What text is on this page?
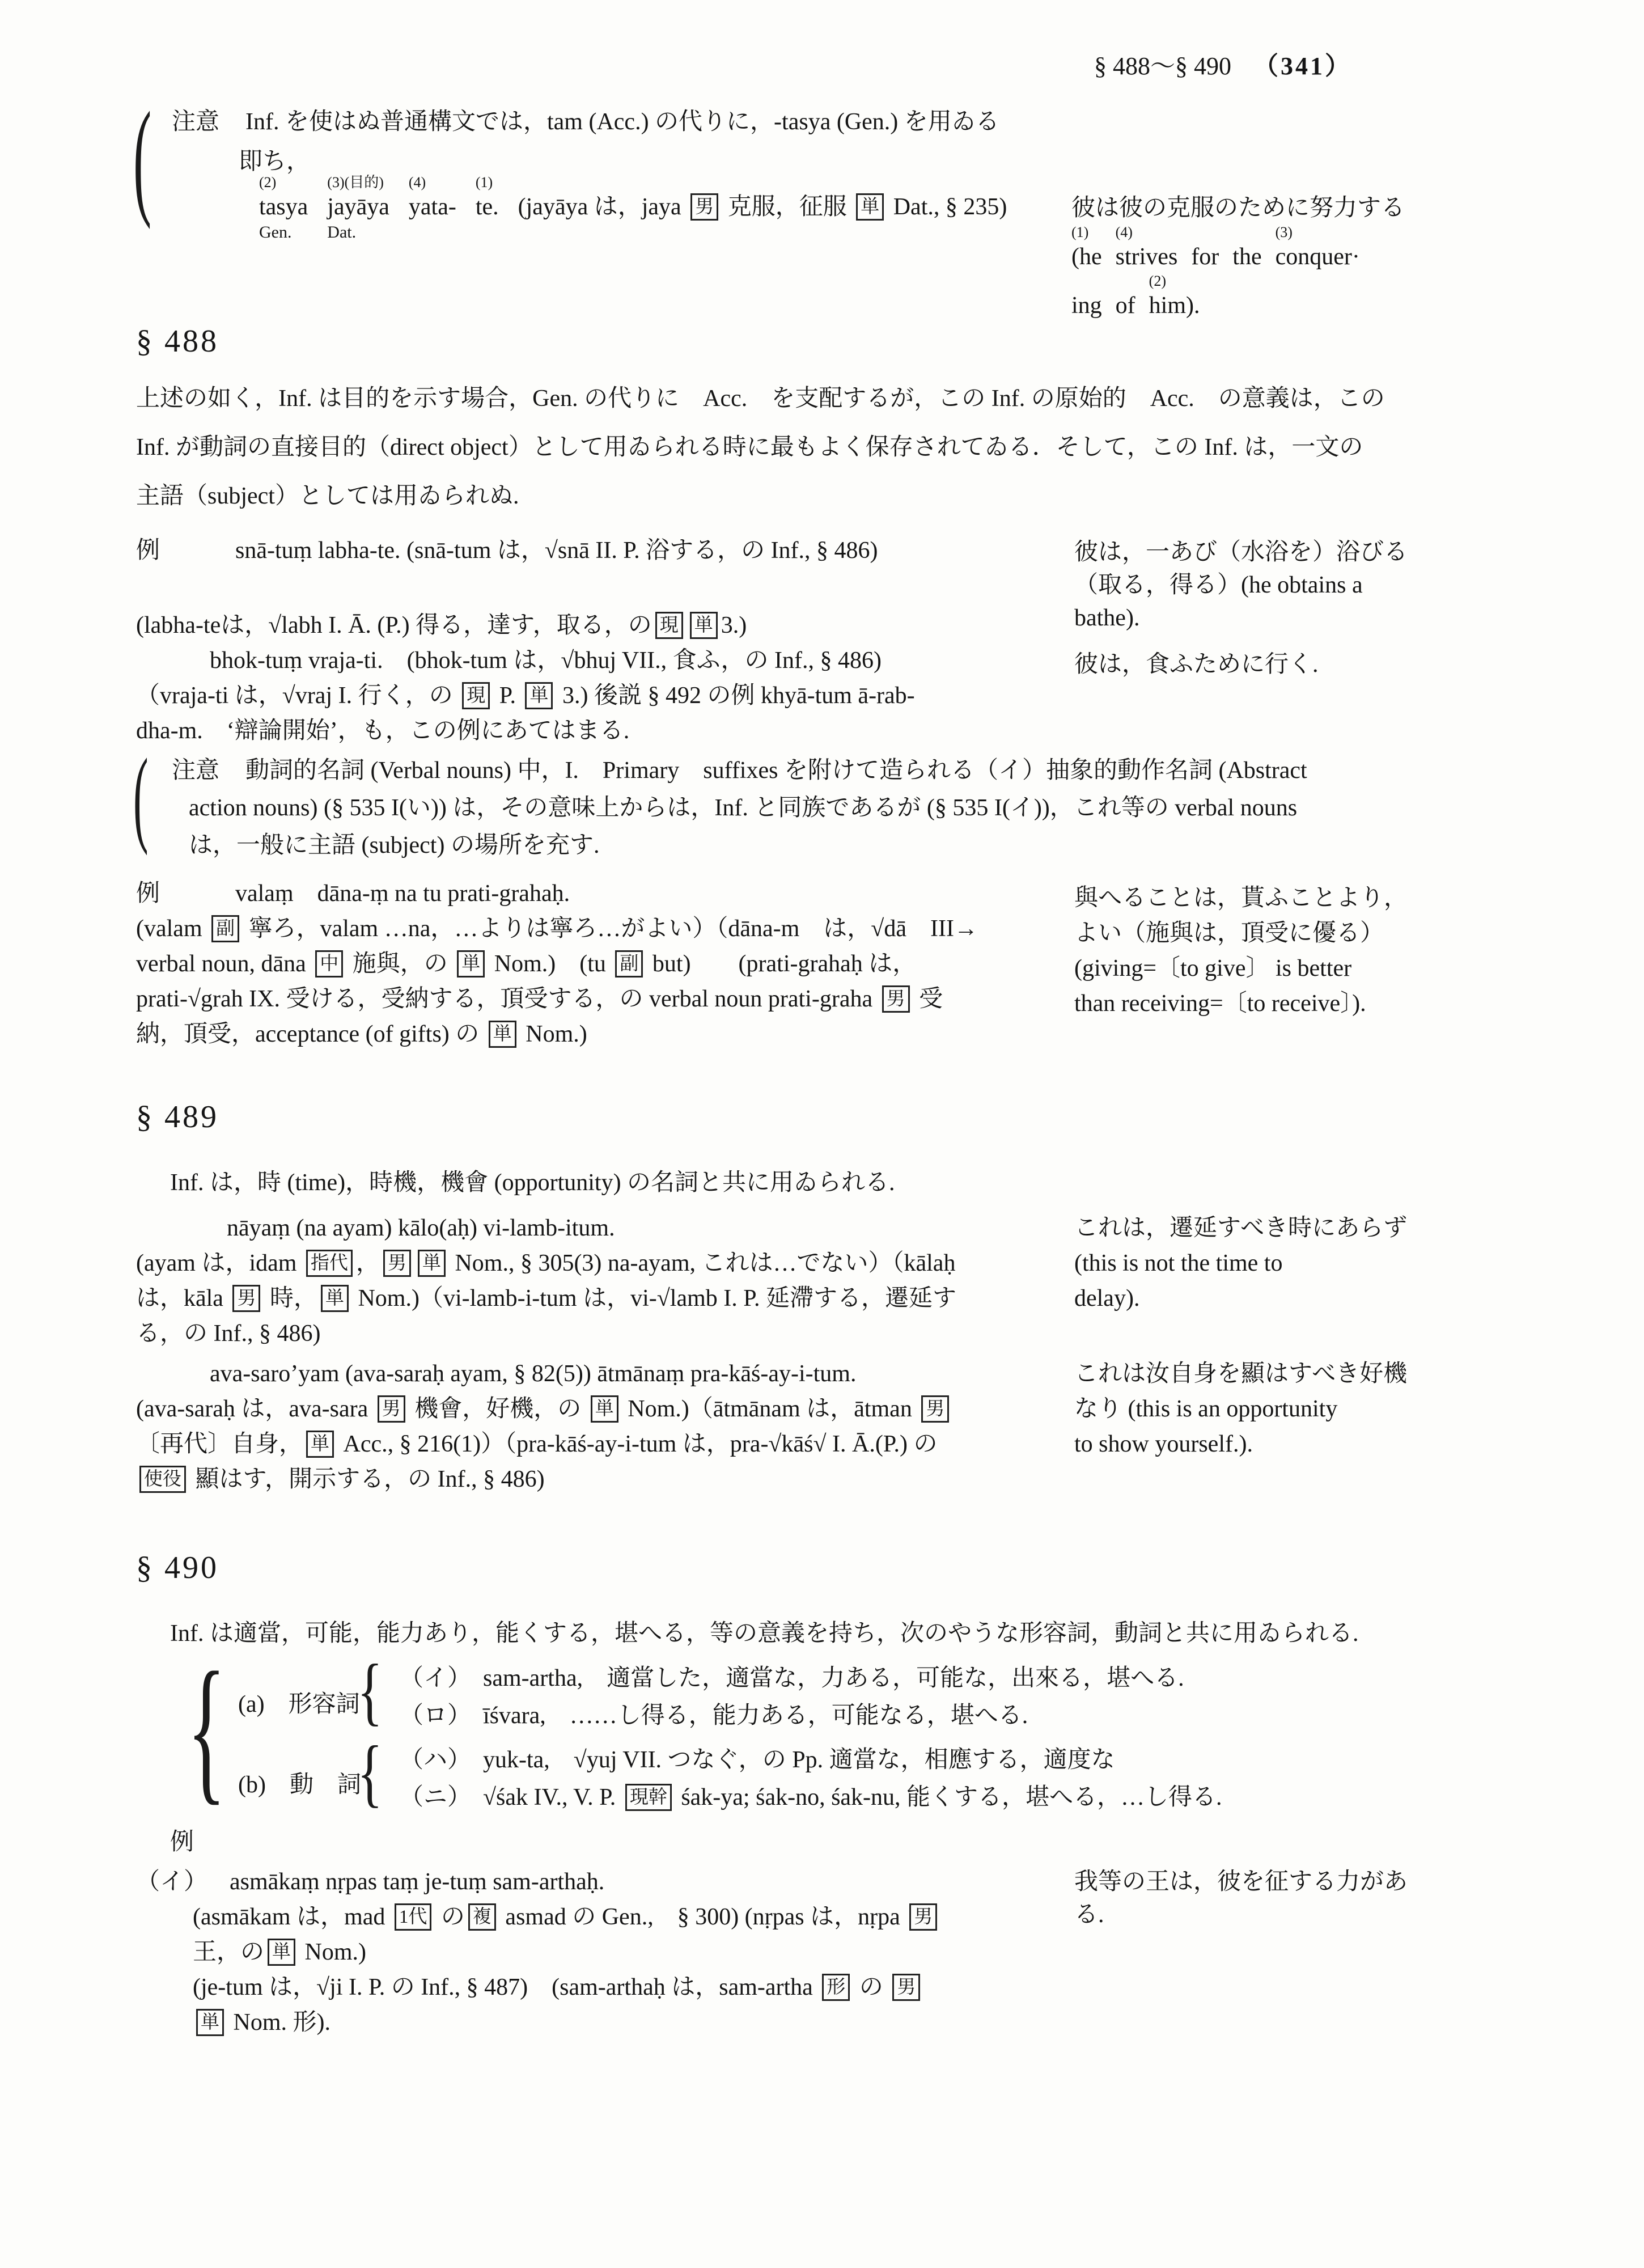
§ 488〜§ 490 （341）
( 注意 Inf. を使はぬ普通構文では，tam (Acc.) の代りに，-tasya (Gen.) を用ゐる
即ち，
(2)
tasya
Gen.
(3)(目的)
jayāya
Dat.
(4)
yata-
(1)
te. (jayāya は，jaya 男 克服，征服 単 Dat., § 235)	彼は彼の克服のために努力する
(1)
(he
(4)
strives
for
the
(3)
conquer·

ing
of
(2)
him).
§ 488
上述の如く，Inf. は目的を示す場合，Gen. の代りに　Acc.　を支配するが，この Inf. の原始的　Acc.　の意義は，この
Inf. が動詞の直接目的（direct object）として用ゐられる時に最もよく保存されてゐる．そして，この Inf. は，一文の
主語（subject）としては用ゐられぬ.
例	snā-tuṃ labha-te. (snā-tum は，√snā II. P. 浴する，の Inf., § 486)
(labha-teは，√labh I. Ā. (P.) 得る，達す，取る，の 現 単 3.)
bhok-tuṃ vraja-ti.　(bhok-tum は，√bhuj VII., 食ふ，の Inf., § 486)
（vraja-ti は，√vraj I. 行く，の 現 P. 単 3.) 後説 § 492 の例 khyā-tum ā-rab-
dha-m.　‘辯論開始’，も，この例にあてはまる.
彼は，一あび（水浴を）浴びる
（取る，得る）(he obtains a
bathe).
彼は，食ふために行く.
( 注意 動詞的名詞 (Verbal nouns) 中，I.　Primary　suffixes を附けて造られる（イ）抽象的動作名詞 (Abstract
action nouns) (§ 535 I(い)) は，その意味上からは，Inf. と同族であるが (§ 535 I(イ))，これ等の verbal nouns
は，一般に主語 (subject) の場所を充す.
例	valaṃ　dāna-ṃ na tu prati-grahaḥ.
(valam 副 寧ろ，valam …na，…よりは寧ろ…がよい）（dāna-m　は，√dā　III→
verbal noun, dāna 中 施與，の 単 Nom.)　(tu 副 but)　　(prati-grahaḥ は，
prati-√grah IX. 受ける，受納する，頂受する，の verbal noun prati-graha 男 受
納，頂受，acceptance (of gifts) の 単 Nom.)
與へることは，貰ふことより，
よい（施與は，頂受に優る）
(giving=〔to give〕 is better
than receiving=〔to receive〕).
§ 489
Inf. は，時 (time)，時機，機會 (opportunity) の名詞と共に用ゐられる.
nāyaṃ (na ayam) kālo(aḥ) vi-lamb-itum.
(ayam は，idam 指代 ， 男 単 Nom., § 305(3) na-ayam, これは…でない）（kālaḥ
は，kāla 男 時， 単 Nom.)（vi-lamb-i-tum は，vi-√lamb I. P. 延滯する，遷延す
る，の Inf., § 486)
これは，遷延すべき時にあらず
(this is not the time to
delay).
ava-saro’yam (ava-saraḥ ayam, § 82(5)) ātmānaṃ pra-kāś-ay-i-tum.
(ava-saraḥ は，ava-sara 男 機會，好機，の 単 Nom.)（ātmānam は，ātman 男
〔再代〕自身， 単 Acc., § 216(1)）（pra-kāś-ay-i-tum は，pra-√kāś√ I. Ā.(P.) の
使役 顯はす，開示する，の Inf., § 486)
これは汝自身を顯はすべき好機
なり (this is an opportunity
to show yourself.).
§ 490
Inf. は適當，可能，能力あり，能くする，堪へる，等の意義を持ち，次のやうな形容詞，動詞と共に用ゐられる.
{ (a)　形容詞
{ （イ）　sam-artha,　適當した，適當な，力ある，可能な，出來る，堪へる.
（ロ）　īśvara,　……し得る，能力ある，可能なる，堪へる.
(b)　動　詞
{ （ハ）　yuk-ta,　√yuj VII. つなぐ，の Pp. 適當な，相應する，適度な
（ニ）　√śak IV., V. P. 現幹 śak-ya; śak-no, śak-nu, 能くする，堪へる，…し得る.
例
（イ） asmākaṃ nṛpas taṃ je-tuṃ sam-arthaḥ.
(asmākam は，mad 1代 の 複 asmad の Gen.,　§ 300) (nṛpas は，nṛpa 男
王，の 単 Nom.)
(je-tum は，√ji I. P. の Inf., § 487)　(sam-arthaḥ は，sam-artha 形 の 男
単 Nom. 形).
我等の王は，彼を征する力があ
る.
